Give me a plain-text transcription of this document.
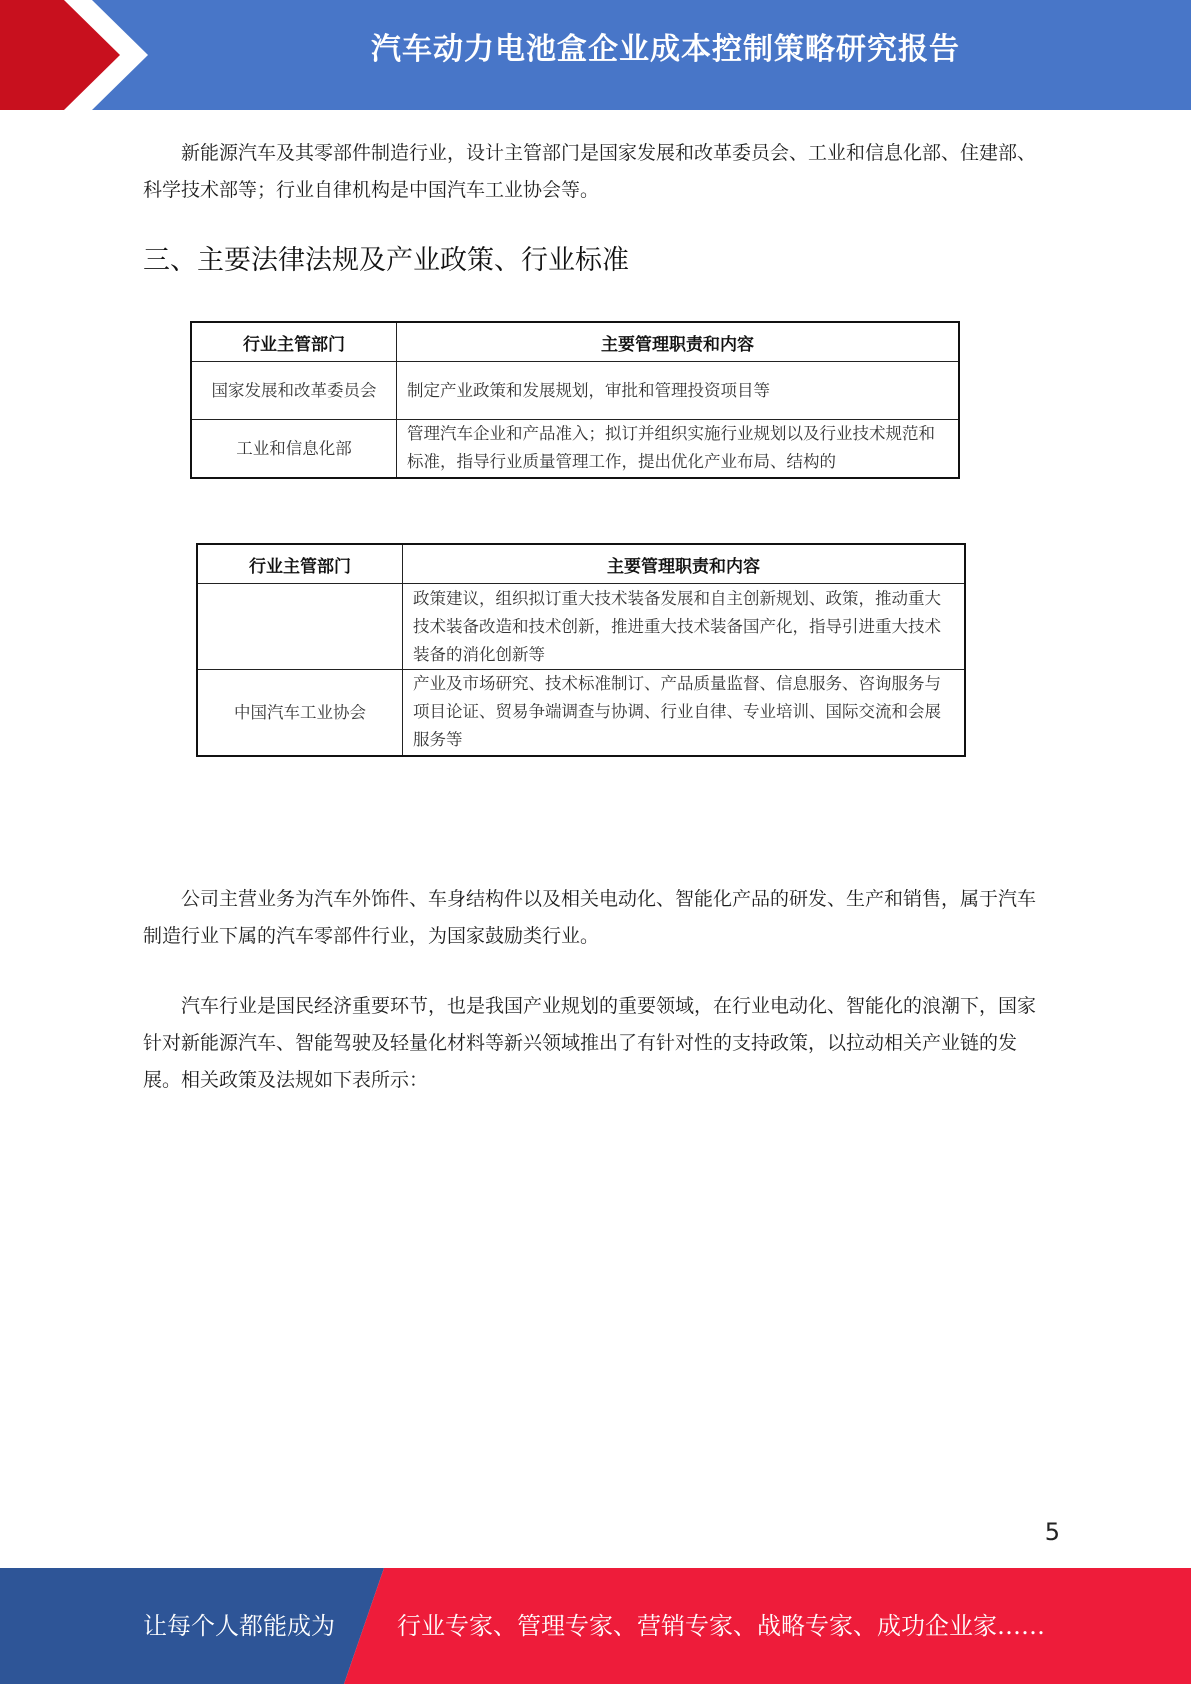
汽车动力电池盒企业成本控制策略研究报告

新能源汽车及其零部件制造行业，设计主管部门是国家发展和改革委员会、工业和信息化部、住建部、科学技术部等；行业自律机构是中国汽车工业协会等。

三、主要法律法规及产业政策、行业标准
行业主管部门	主要管理职责和内容
国家发展和改革委员会	制定产业政策和发展规划，审批和管理投资项目等
工业和信息化部	管理汽车企业和产品准入；拟订并组织实施行业规划以及行业技术规范和标准，指导行业质量管理工作，提出优化产业布局、结构的
行业主管部门	主要管理职责和内容
	政策建议，组织拟订重大技术装备发展和自主创新规划、政策，推动重大技术装备改造和技术创新，推进重大技术装备国产化，指导引进重大技术装备的消化创新等
中国汽车工业协会	产业及市场研究、技术标准制订、产品质量监督、信息服务、咨询服务与项目论证、贸易争端调查与协调、行业自律、专业培训、国际交流和会展服务等

公司主营业务为汽车外饰件、车身结构件以及相关电动化、智能化产品的研发、生产和销售，属于汽车制造行业下属的汽车零部件行业，为国家鼓励类行业。

汽车行业是国民经济重要环节，也是我国产业规划的重要领域，在行业电动化、智能化的浪潮下，国家针对新能源汽车、智能驾驶及轻量化材料等新兴领域推出了有针对性的支持政策，以拉动相关产业链的发展。相关政策及法规如下表所示：

5
让每个人都能成为	行业专家、管理专家、营销专家、战略专家、成功企业家……
